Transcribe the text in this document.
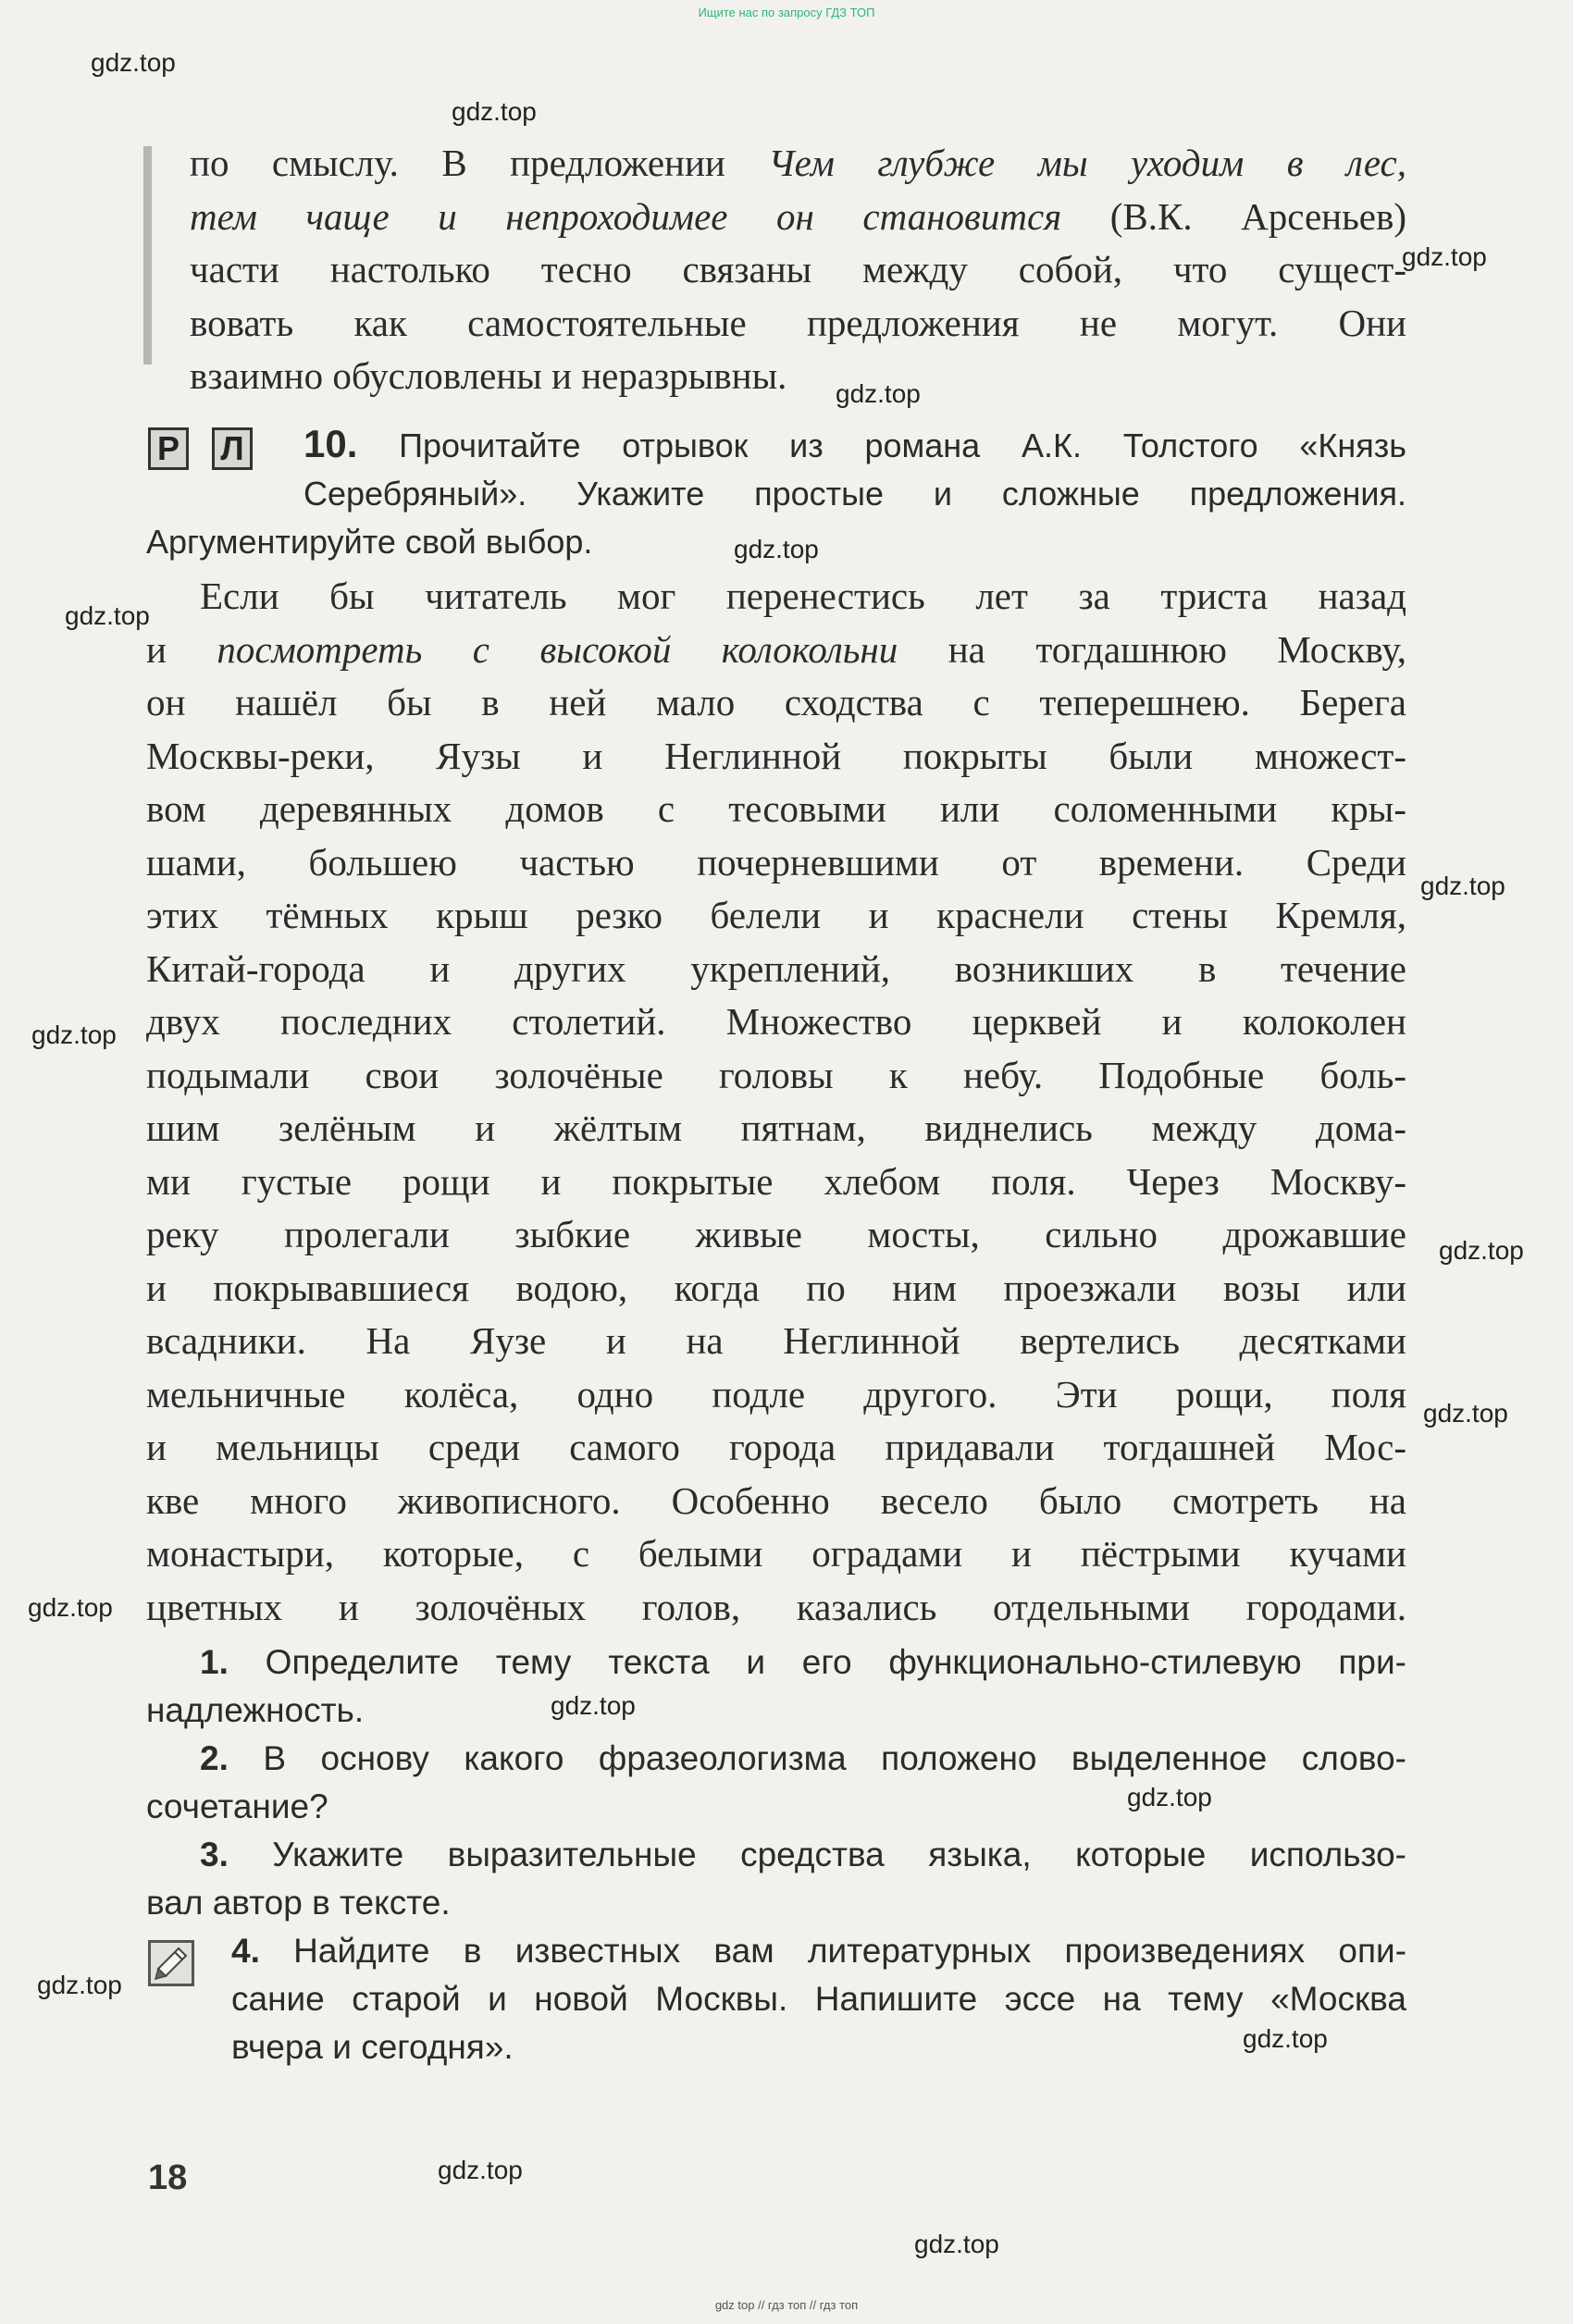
Ищите нас по запросу ГДЗ ТОП
gdz.top
gdz.top
gdz.top
gdz.top
gdz.top
gdz.top
gdz.top
gdz.top
gdz.top
gdz.top
gdz.top
gdz.top
gdz.top
gdz.top
gdz.top
gdz.top
gdz.top
по смыслу. В предложении Чем глубже мы уходим в лес,
тем чаще и непроходимее он становится (В.К. Арсеньев)
части настолько тесно связаны между собой, что сущест-
вовать как самостоятельные предложения не могут. Они
взаимно обусловлены и неразрывны.
Р Л	10. Прочитайте отрывок из романа А.К. Толстого «Князь
Серебряный». Укажите простые и сложные предложения.
Аргументируйте свой выбор.
Если бы читатель мог перенестись лет за триста назад
и посмотреть с высокой колокольни на тогдашнюю Москву,
он нашёл бы в ней мало сходства с теперешнею. Берега
Москвы-реки, Яузы и Неглинной покрыты были множест-
вом деревянных домов с тесовыми или соломенными кры-
шами, большею частью почерневшими от времени. Среди
этих тёмных крыш резко белели и краснели стены Кремля,
Китай-города и других укреплений, возникших в течение
двух последних столетий. Множество церквей и колоколен
подымали свои золочёные головы к небу. Подобные боль-
шим зелёным и жёлтым пятнам, виднелись между дома-
ми густые рощи и покрытые хлебом поля. Через Москву-
реку пролегали зыбкие живые мосты, сильно дрожавшие
и покрывавшиеся водою, когда по ним проезжали возы или
всадники. На Яузе и на Неглинной вертелись десятками
мельничные колёса, одно подле другого. Эти рощи, поля
и мельницы среди самого города придавали тогдашней Мос-
кве много живописного. Особенно весело было смотреть на
монастыри, которые, с белыми оградами и пёстрыми кучами
цветных и золочёных голов, казались отдельными городами.
1. Определите тему текста и его функционально-стилевую при-
надлежность.
2. В основу какого фразеологизма положено выделенное слово-
сочетание?
3. Укажите выразительные средства языка, которые использо-
вал автор в тексте.
4. Найдите в известных вам литературных произведениях опи-
сание старой и новой Москвы. Напишите эссе на тему «Москва
вчера и сегодня».
18
gdz top // гдз топ // гдз топ
